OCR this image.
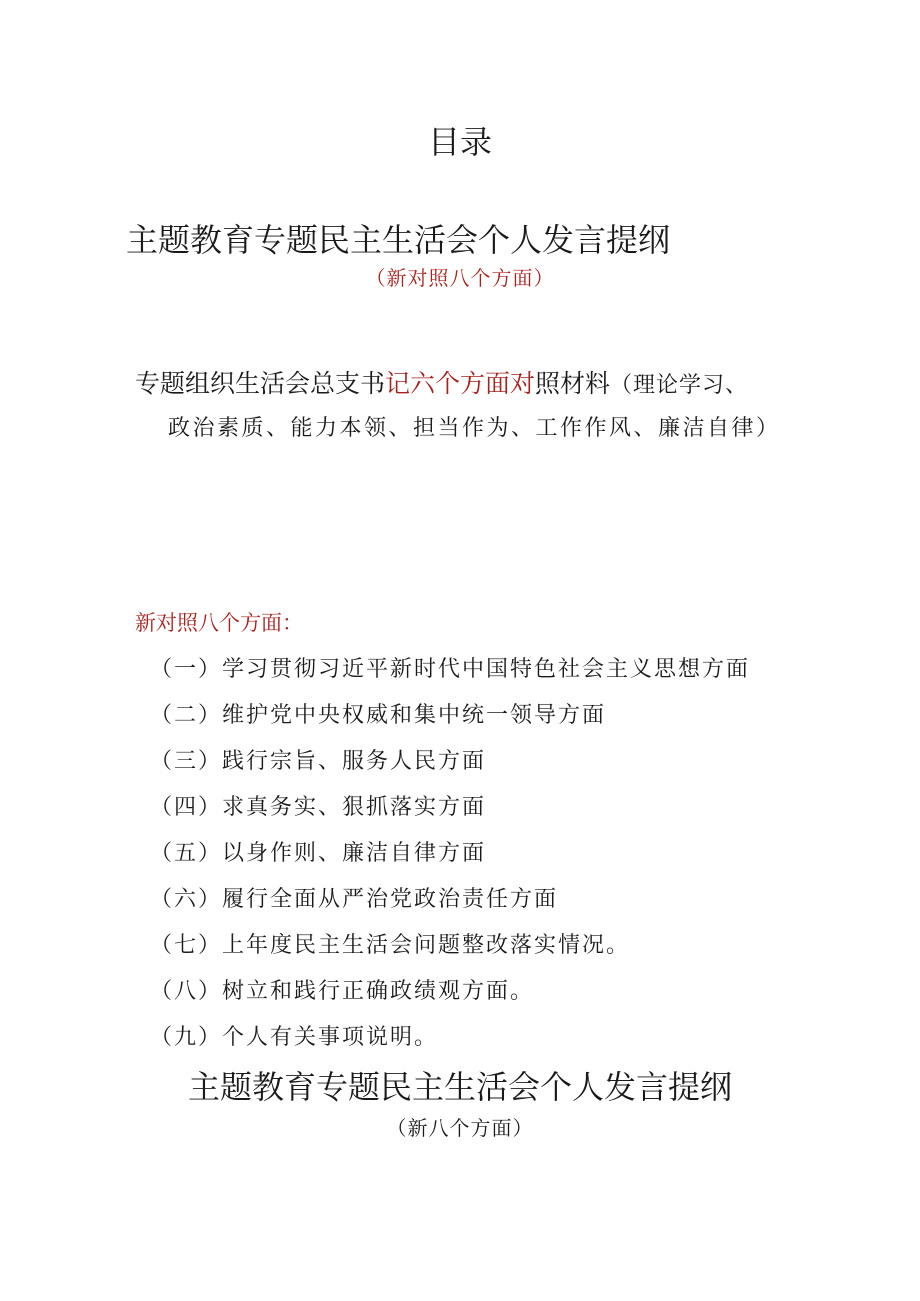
目录
主题教育专题民主生活会个人发言提纲
（新对照八个方面）
专题组织生活会总支书记六个方面对照材料（理论学习、
政治素质、能力本领、担当作为、工作作风、廉洁自律）
新对照八个方面：
（一）学习贯彻习近平新时代中国特色社会主义思想方面
（二）维护党中央权威和集中统一领导方面
（三）践行宗旨、服务人民方面
（四）求真务实、狠抓落实方面
（五）以身作则、廉洁自律方面
（六）履行全面从严治党政治责任方面
（七）上年度民主生活会问题整改落实情况。
（八）树立和践行正确政绩观方面。
（九）个人有关事项说明。
主题教育专题民主生活会个人发言提纲
（新八个方面）
